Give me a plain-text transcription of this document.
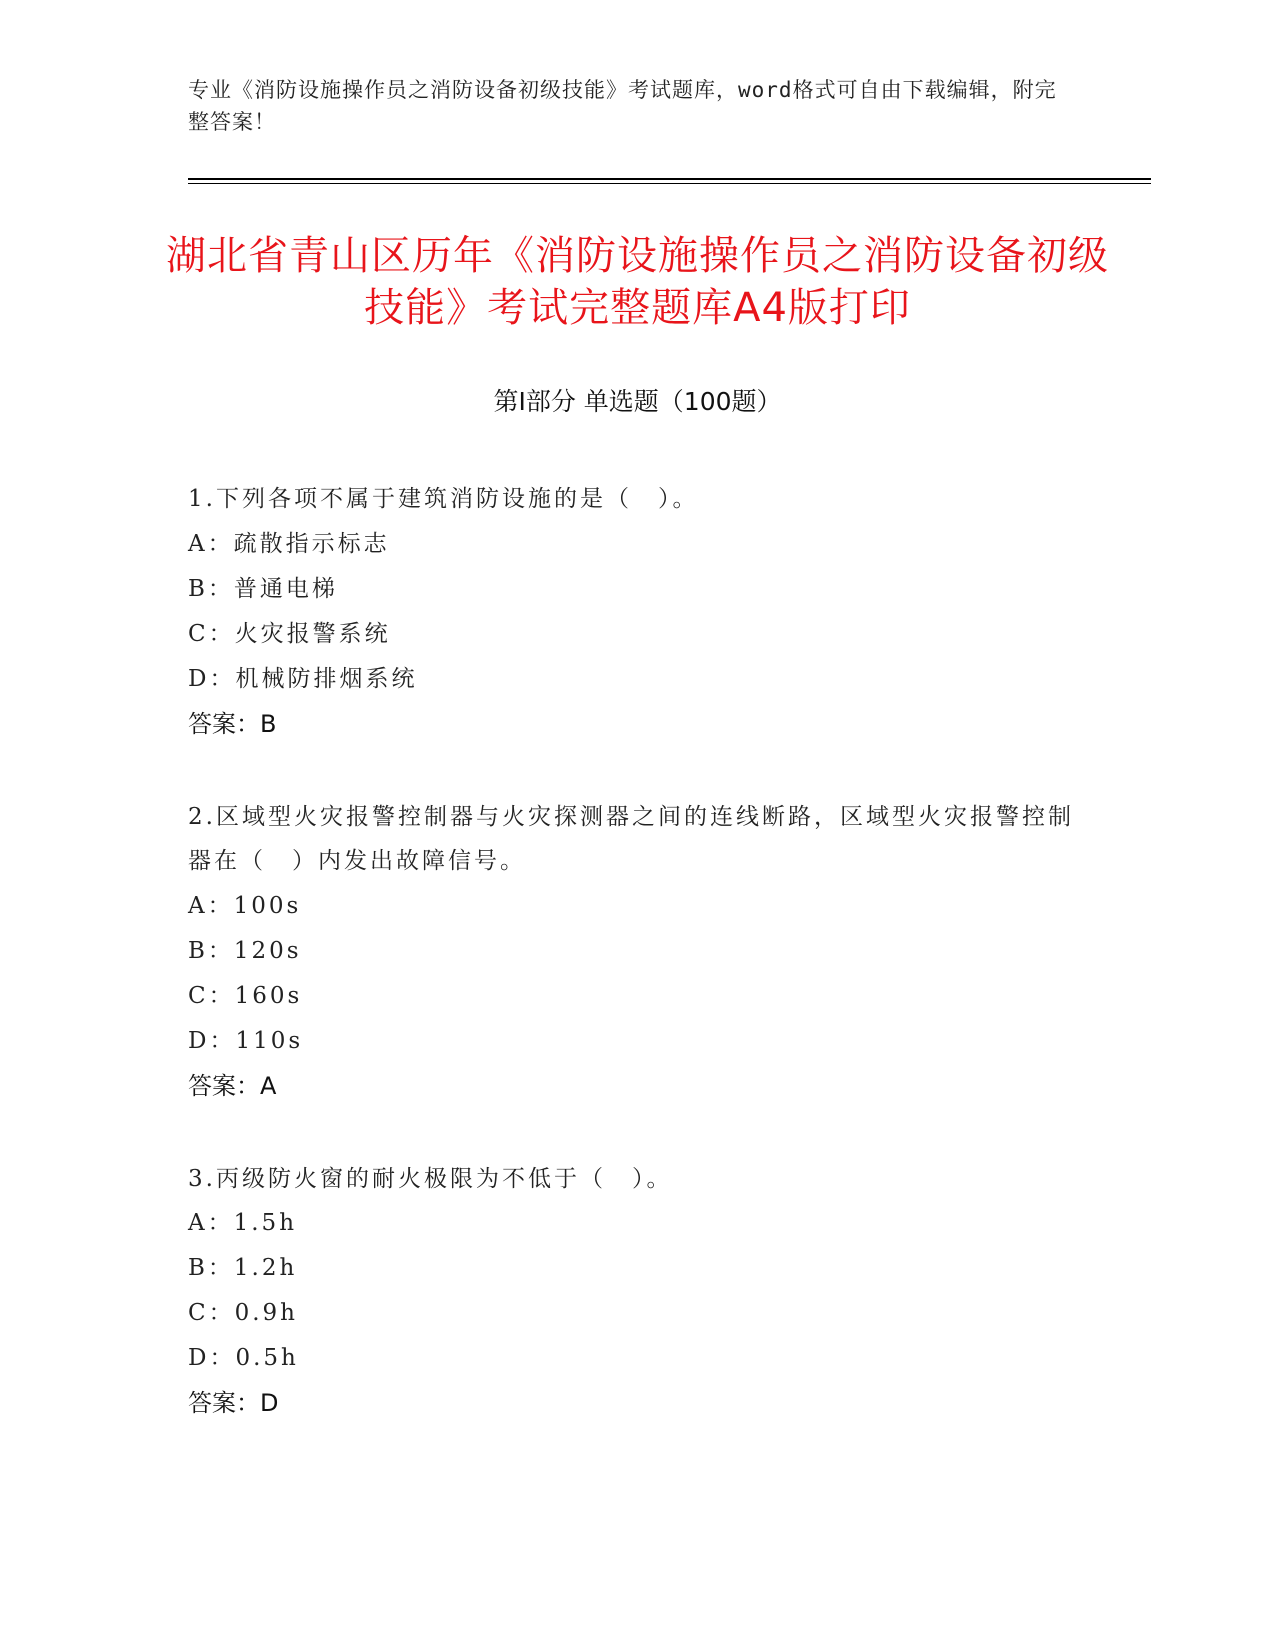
专业《消防设施操作员之消防设备初级技能》考试题库，word格式可自由下载编辑，附完整答案！
湖北省青山区历年《消防设施操作员之消防设备初级技能》考试完整题库A4版打印
第Ⅰ部分 单选题（100题）
1.下列各项不属于建筑消防设施的是（　）。
A：疏散指示标志
B：普通电梯
C：火灾报警系统
D：机械防排烟系统
答案：B
2.区域型火灾报警控制器与火灾探测器之间的连线断路，区域型火灾报警控制器在（　）内发出故障信号。
A：100s
B：120s
C：160s
D：110s
答案：A
3.丙级防火窗的耐火极限为不低于（　）。
A：1.5h
B：1.2h
C：0.9h
D：0.5h
答案：D
